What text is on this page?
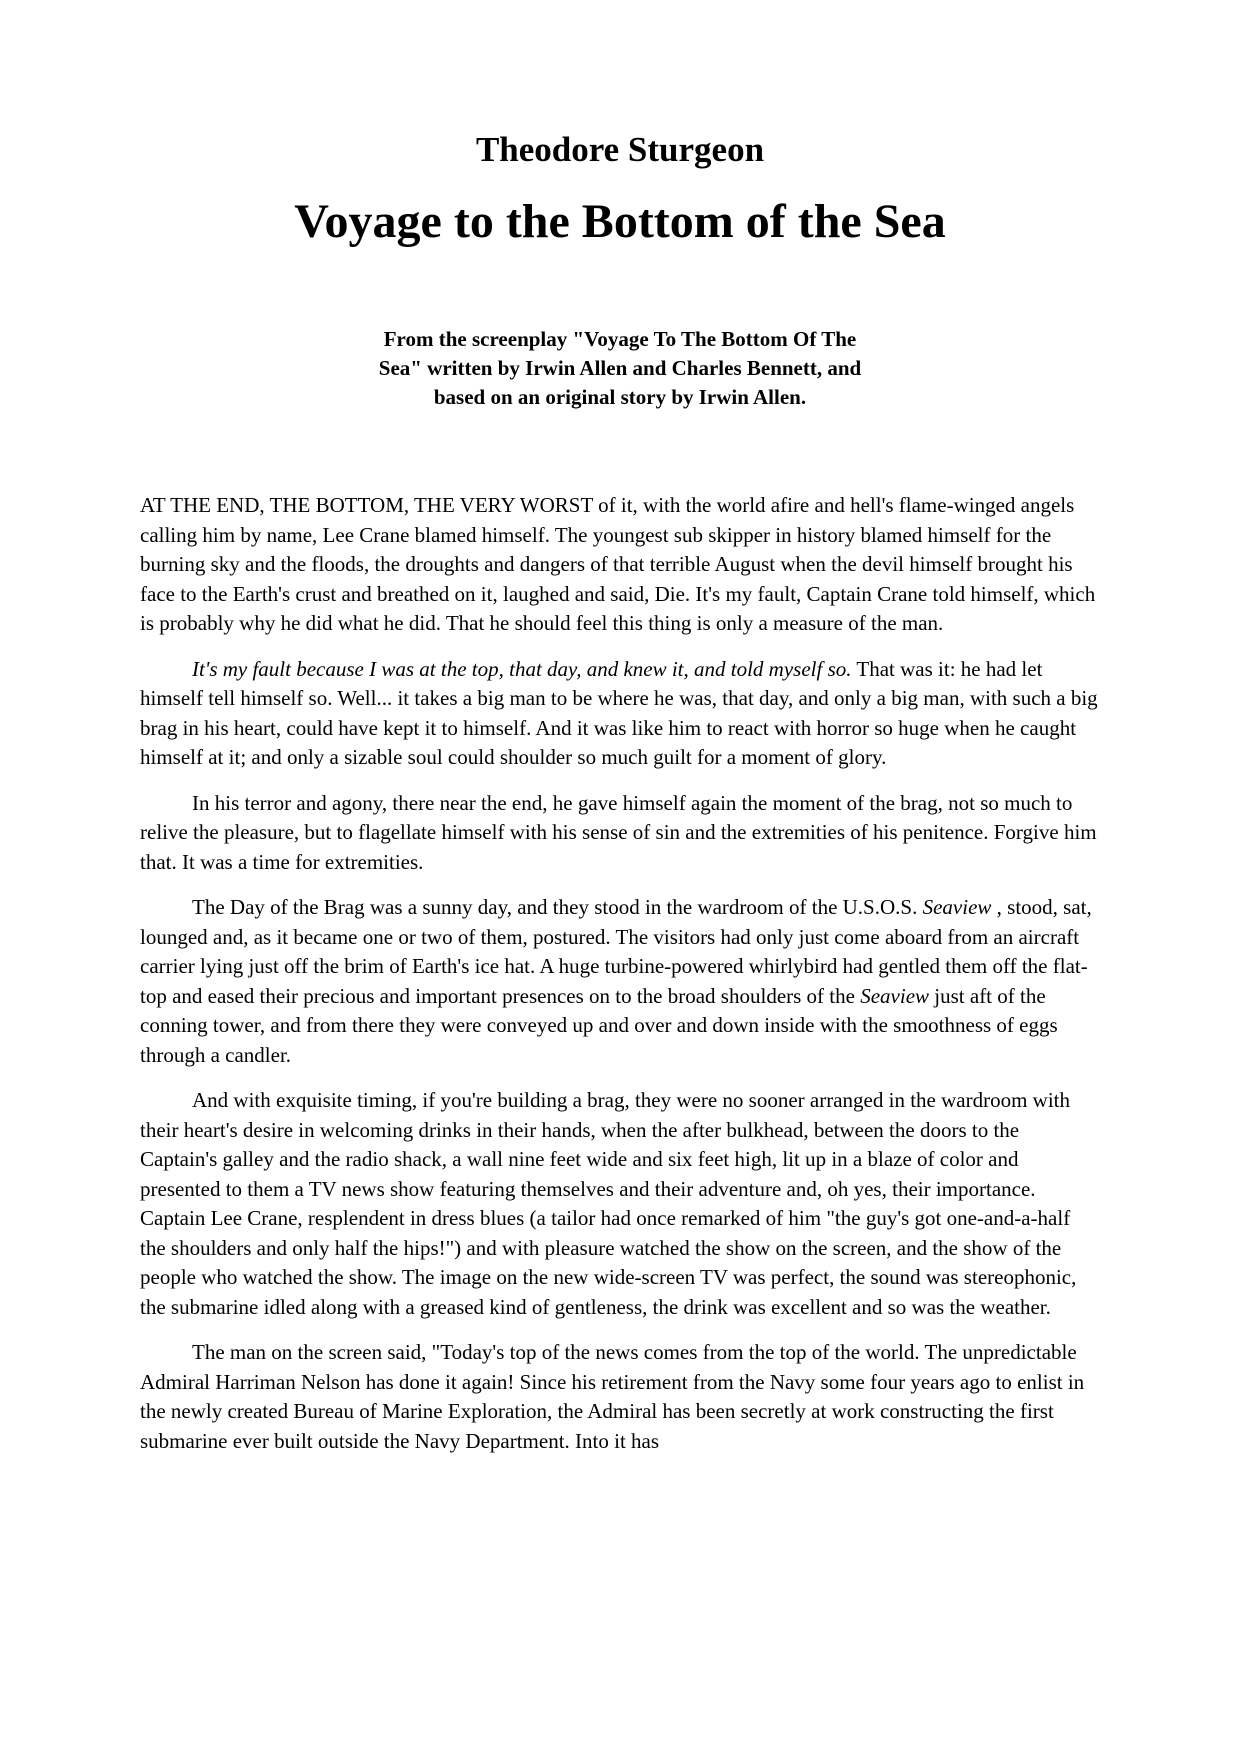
Theodore Sturgeon
Voyage to the Bottom of the Sea
From the screenplay "Voyage To The Bottom Of The
Sea" written by Irwin Allen and Charles Bennett, and
based on an original story by Irwin Allen.

AT THE END, THE BOTTOM, THE VERY WORST of it, with the world afire and hell's flame-winged angels calling him by name, Lee Crane blamed himself. The youngest sub skipper in history blamed himself for the burning sky and the floods, the droughts and dangers of that terrible August when the devil himself brought his face to the Earth's crust and breathed on it, laughed and said, Die. It's my fault, Captain Crane told himself, which is probably why he did what he did. That he should feel this thing is only a measure of the man.

It's my fault because I was at the top, that day, and knew it, and told myself so. That was it: he had let himself tell himself so. Well... it takes a big man to be where he was, that day, and only a big man, with such a big brag in his heart, could have kept it to himself. And it was like him to react with horror so huge when he caught himself at it; and only a sizable soul could shoulder so much guilt for a moment of glory.

In his terror and agony, there near the end, he gave himself again the moment of the brag, not so much to relive the pleasure, but to flagellate himself with his sense of sin and the extremities of his penitence. Forgive him that. It was a time for extremities.

The Day of the Brag was a sunny day, and they stood in the wardroom of the U.S.O.S. Seaview , stood, sat, lounged and, as it became one or two of them, postured. The visitors had only just come aboard from an aircraft carrier lying just off the brim of Earth's ice hat. A huge turbine-powered whirlybird had gentled them off the flat-top and eased their precious and important presences on to the broad shoulders of the Seaview just aft of the conning tower, and from there they were conveyed up and over and down inside with the smoothness of eggs through a candler.

And with exquisite timing, if you're building a brag, they were no sooner arranged in the wardroom with their heart's desire in welcoming drinks in their hands, when the after bulkhead, between the doors to the Captain's galley and the radio shack, a wall nine feet wide and six feet high, lit up in a blaze of color and presented to them a TV news show featuring themselves and their adventure and, oh yes, their importance. Captain Lee Crane, resplendent in dress blues (a tailor had once remarked of him "the guy's got one-and-a-half the shoulders and only half the hips!") and with pleasure watched the show on the screen, and the show of the people who watched the show. The image on the new wide-screen TV was perfect, the sound was stereophonic, the submarine idled along with a greased kind of gentleness, the drink was excellent and so was the weather.

The man on the screen said, "Today's top of the news comes from the top of the world. The unpredictable Admiral Harriman Nelson has done it again! Since his retirement from the Navy some four years ago to enlist in the newly created Bureau of Marine Exploration, the Admiral has been secretly at work constructing the first submarine ever built outside the Navy Department. Into it has
